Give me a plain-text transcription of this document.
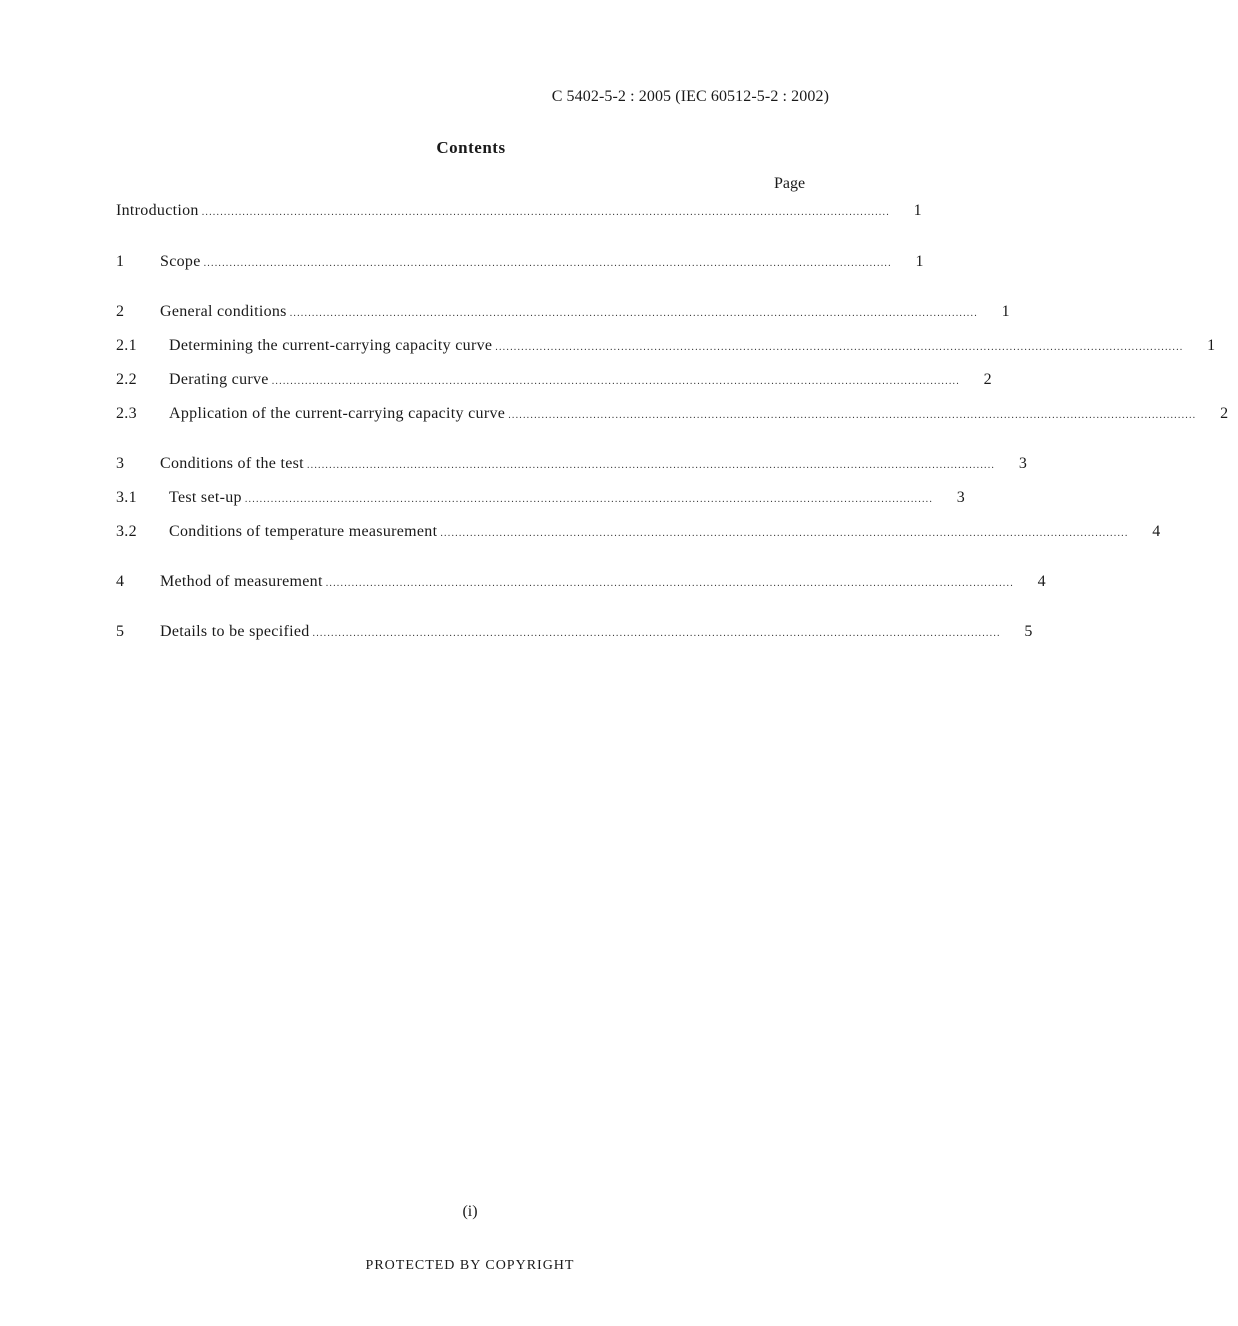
C 5402-5-2 : 2005 (IEC 60512-5-2 : 2002)
Contents
Page
Introduction ..........................................................................................................................................................................................	1
1	Scope ..........................................................................................................................................................................................	1
2	General conditions ..........................................................................................................................................................................................	1
2.1	Determining the current-carrying capacity curve ..........................................................................................................................................................................................	1
2.2	Derating curve ..........................................................................................................................................................................................	2
2.3	Application of the current-carrying capacity curve ..........................................................................................................................................................................................	2
3	Conditions of the test ..........................................................................................................................................................................................	3
3.1	Test set-up ..........................................................................................................................................................................................	3
3.2	Conditions of temperature measurement ..........................................................................................................................................................................................	4
4	Method of measurement ..........................................................................................................................................................................................	4
5	Details to be specified ..........................................................................................................................................................................................	5
(i)
PROTECTED BY COPYRIGHT
